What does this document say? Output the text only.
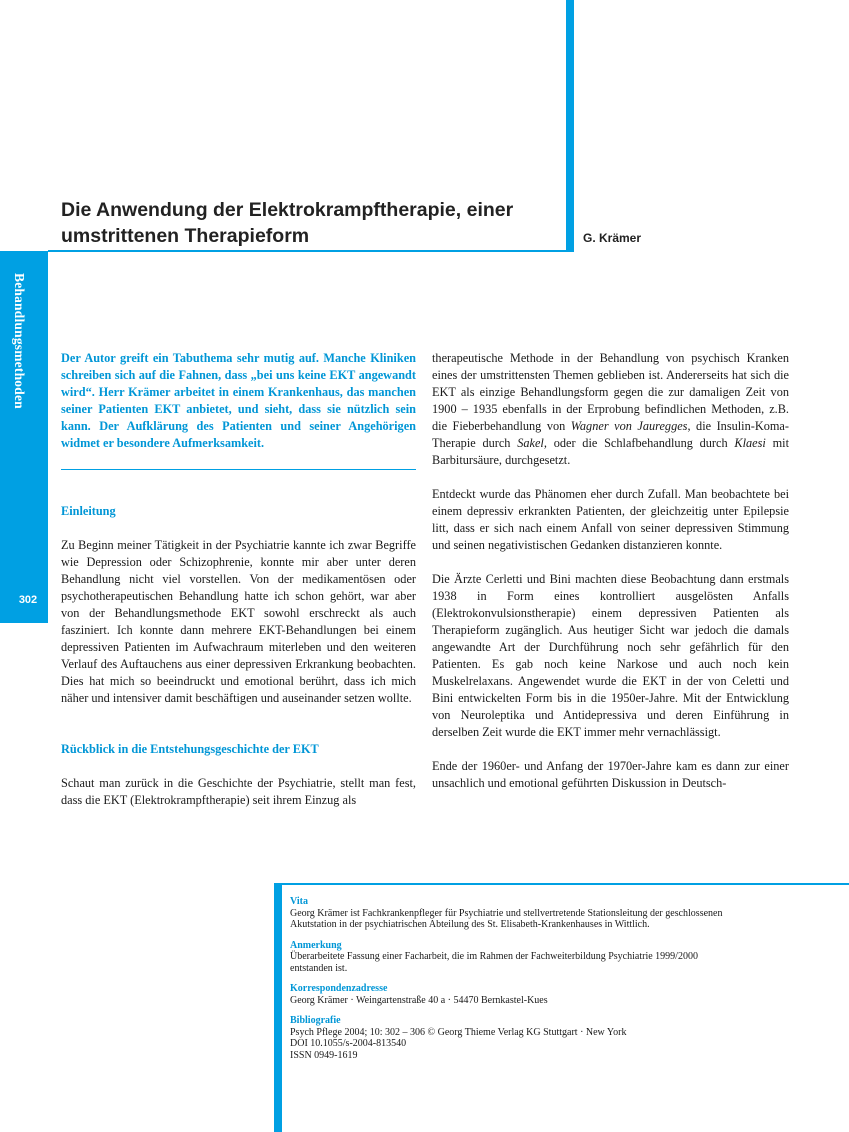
Die Anwendung der Elektrokrampftherapie, einer
umstrittenen Therapieform	G. Krämer
Behandlungsmethoden
302

Der Autor greift ein Tabuthema sehr mutig auf. Manche Kliniken schreiben sich auf die Fahnen, dass „bei uns keine EKT angewandt wird“. Herr Krämer arbeitet in einem Krankenhaus, das manchen seiner Patienten EKT anbietet, und sieht, dass sie nützlich sein kann. Der Aufklärung des Patienten und seiner Angehörigen widmet er besondere Aufmerksamkeit.

Einleitung

Zu Beginn meiner Tätigkeit in der Psychiatrie kannte ich zwar Begriffe wie Depression oder Schizophrenie, konnte mir aber unter deren Behandlung nicht viel vorstellen. Von der medikamentösen oder psychotherapeutischen Behandlung hatte ich schon gehört, war aber von der Behandlungsmethode EKT sowohl erschreckt als auch fasziniert. Ich konnte dann mehrere EKT-Behandlungen bei einem depressiven Patienten im Aufwachraum miterleben und den weiteren Verlauf des Auftauchens aus einer depressiven Erkrankung beobachten. Dies hat mich so beeindruckt und emotional berührt, dass ich mich näher und intensiver damit beschäftigen und auseinander setzen wollte.

Rückblick in die Entstehungsgeschichte der EKT

Schaut man zurück in die Geschichte der Psychiatrie, stellt man fest, dass die EKT (Elektrokrampftherapie) seit ihrem Einzug als

therapeutische Methode in der Behandlung von psychisch Kranken eines der umstrittensten Themen geblieben ist. Andererseits hat sich die EKT als einzige Behandlungsform gegen die zur damaligen Zeit von 1900 – 1935 ebenfalls in der Erprobung befindlichen Methoden, z.B. die Fieberbehandlung von Wagner von Jauregges, die Insulin-Koma-Therapie durch Sakel, oder die Schlafbehandlung durch Klaesi mit Barbitursäure, durchgesetzt.

Entdeckt wurde das Phänomen eher durch Zufall. Man beobachtete bei einem depressiv erkrankten Patienten, der gleichzeitig unter Epilepsie litt, dass er sich nach einem Anfall von seiner depressiven Stimmung und seinen negativistischen Gedanken distanzieren konnte.

Die Ärzte Cerletti und Bini machten diese Beobachtung dann erstmals 1938 in Form eines kontrolliert ausgelösten Anfalls (Elektrokonvulsionstherapie) einem depressiven Patienten als Therapieform zugänglich. Aus heutiger Sicht war jedoch die damals angewandte Art der Durchführung noch sehr gefährlich für den Patienten. Es gab noch keine Narkose und auch noch kein Muskelrelaxans. Angewendet wurde die EKT in der von Celetti und Bini entwickelten Form bis in die 1950er-Jahre. Mit der Entwicklung von Neuroleptika und Antidepressiva und deren Einführung in derselben Zeit wurde die EKT immer mehr vernachlässigt.

Ende der 1960er- und Anfang der 1970er-Jahre kam es dann zur einer unsachlich und emotional geführten Diskussion in Deutsch-

Vita
Georg Krämer ist Fachkrankenpfleger für Psychiatrie und stellvertretende Stationsleitung der geschlossenen
Akutstation in der psychiatrischen Abteilung des St. Elisabeth-Krankenhauses in Wittlich.
Anmerkung
Überarbeitete Fassung einer Facharbeit, die im Rahmen der Fachweiterbildung Psychiatrie 1999/2000
entstanden ist.
Korrespondenzadresse
Georg Krämer · Weingartenstraße 40 a · 54470 Bernkastel-Kues
Bibliografie
Psych Pflege 2004; 10: 302 – 306 © Georg Thieme Verlag KG Stuttgart · New York
DOI 10.1055/s-2004-813540
ISSN 0949-1619
